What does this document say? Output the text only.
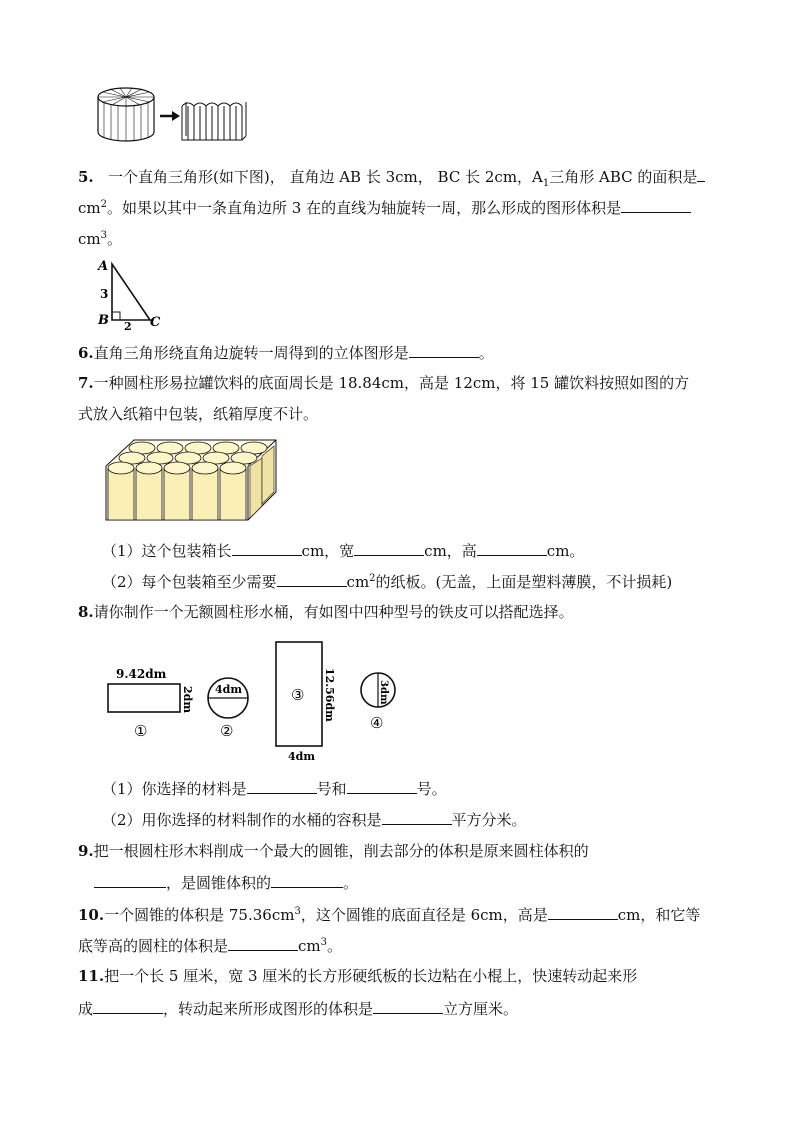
5. 一个直角三角形(如下图)， 直角边 AB 长 3cm， BC 长 2cm，$A_1$三角形 ABC 的面积是
$cm^2$。如果以其中一条直角边所 3 在的直线为轴旋转一周，那么形成的图形体积是
$cm^3$。
A
B	C
3
2
6.直角三角形绕直角边旋转一周得到的立体图形是	。
7.一种圆柱形易拉罐饮料的底面周长是 18.84cm，高是 12cm，将 15 罐饮料按照如图的方
式放入纸箱中包装，纸箱厚度不计。
（1）这个包装箱长	cm，宽	cm，高	cm。
（2）每个包装箱至少需要	$cm^2$的纸板。(无盖，上面是塑料薄膜，不计损耗)
8.请你制作一个无额圆柱形水桶，有如图中四种型号的铁皮可以搭配选择。
9.42dm
2dm
①
4dm
②
③ 12.56dm
4dm
3dm
④
（1）你选择的材料是	号和	号。
（2）用你选择的材料制作的水桶的容积是	平方分米。
9.把一根圆柱形木料削成一个最大的圆锥，削去部分的体积是原来圆柱体积的
，是圆锥体积的	。
10.一个圆锥的体积是 $75.36cm^3$，这个圆锥的底面直径是 6cm，高是	cm，和它等
底等高的圆柱的体积是	$cm^3$。
11.把一个长 5 厘米，宽 3 厘米的长方形硬纸板的长边粘在小棍上，快速转动起来形
成	，转动起来所形成图形的体积是	立方厘米。
